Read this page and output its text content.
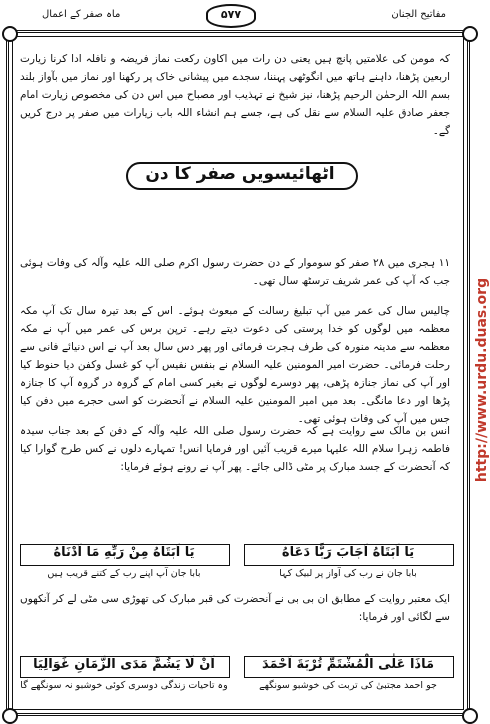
ماہ صفر کے اعمال	۵۷۷	مفاتیح الجنان
کہ مومن کی علامتیں پانچ ہیں یعنی دن رات میں اکاون رکعت نماز فریضہ و نافلہ ادا کرنا زیارت اربعین پڑھنا، داہنے ہاتھ میں انگوٹھی پہننا، سجدے میں پیشانی خاک پر رکھنا اور نماز میں بآواز بلند بسم اللہ الرحمٰن الرحیم پڑھنا، نیز شیخ نے تہذیب اور مصباح میں اس دن کی مخصوص زیارت امام جعفر صادق علیہ السلام سے نقل کی ہے، جسے ہم انشاء اللہ باب زیارات میں صفر پر درج کریں گے۔
اٹھائیسویں صفر کا دن
۱۱ ہجری میں ۲۸ صفر کو سوموار کے دن حضرت رسول اکرم صلی اللہ علیہ وآلہ کی وفات ہوئی جب کہ آپ کی عمر شریف ترسٹھ سال تھی۔
چالیس سال کی عمر میں آپ تبلیغ رسالت کے مبعوث ہوئے۔ اس کے بعد تیرہ سال تک آپ مکہ معظمہ میں لوگوں کو خدا پرستی کی دعوت دیتے رہے۔ ترپن برس کی عمر میں آپ نے مکہ معظمہ سے مدینہ منورہ کی طرف ہجرت فرمائی اور پھر دس سال بعد آپ نے اس دنیائے فانی سے رحلت فرمائی۔ حضرت امیر المومنین علیہ السلام نے بنفس نفیس آپ کو غسل وکفن دیا حنوط کیا اور آپ کی نماز جنازہ پڑھی، پھر دوسرے لوگوں نے بغیر کسی امام کے گروہ در گروہ آپ کا جنازہ پڑھا اور دعا مانگی۔ بعد میں امیر المومنین علیہ السلام نے آنحضرت کو اسی حجرے میں دفن کیا جس میں آپ کی وفات ہوئی تھی۔
انس بن مالک سے روایت ہے کہ حضرت رسول صلی اللہ علیہ وآلہ کے دفن کے بعد جناب سیدہ فاطمہ زہرا سلام اللہ علیہا میرے قریب آئیں اور فرمایا انس! تمہارے دلوں نے کس طرح گوارا کیا کہ آنحضرت کے جسد مبارک پر مٹی ڈالی جائے۔ پھر آپ نے رونے ہوئے فرمایا:
یَا اَبَتَاهُ اَجَابَ رَبًّا دَعَاهُ
یَا اَبَتَاهُ مِنْ رَبِّهِ مَا اَدْنَاهُ
بابا جان نے رب کی آواز پر لبیک کہا
بابا جان آپ اپنے رب کے کتنے قریب ہیں
ایک معتبر روایت کے مطابق ان بی بی نے آنحضرت کی قبر مبارک کی تھوڑی سی مٹی لے کر آنکھوں سے لگائی اور فرمایا:
مَاذَا عَلٰی الْمُشْتَمِّ تُرْبَةَ اَحْمَدَ
اَنْ لَا یَشُمَّ مَدَی الزَّمَانِ غَوَالِیَا
جو احمد مجتبیٰ کی تربت کی خوشبو سونگھے
وہ تاحیات زندگی دوسری کوئی خوشبو نہ سونگھے گا
http://www.urdu.duas.org
